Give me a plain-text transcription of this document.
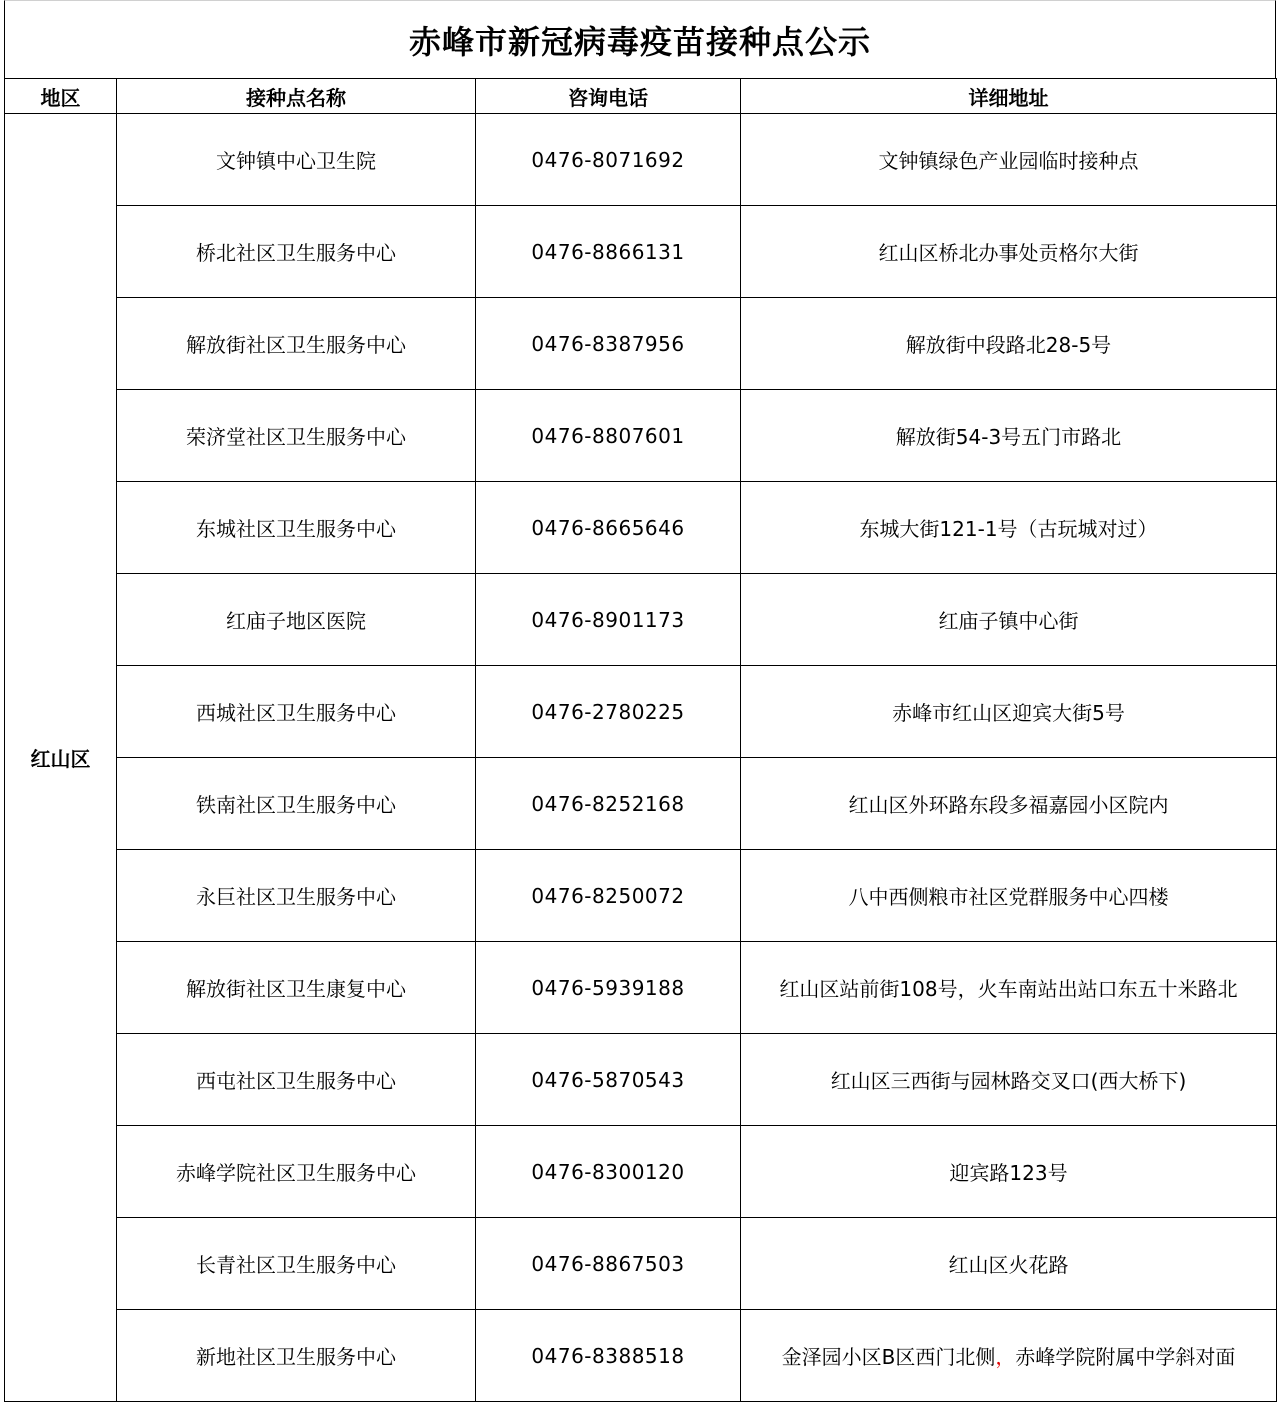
赤峰市新冠病毒疫苗接种点公示
地区	接种点名称	咨询电话	详细地址
红山区	文钟镇中心卫生院	0476-8071692	文钟镇绿色产业园临时接种点
	桥北社区卫生服务中心	0476-8866131	红山区桥北办事处贡格尔大街
	解放街社区卫生服务中心	0476-8387956	解放街中段路北28-5号
	荣济堂社区卫生服务中心	0476-8807601	解放街54-3号五门市路北
	东城社区卫生服务中心	0476-8665646	东城大街121-1号（古玩城对过）
	红庙子地区医院	0476-8901173	红庙子镇中心街
	西城社区卫生服务中心	0476-2780225	赤峰市红山区迎宾大街5号
	铁南社区卫生服务中心	0476-8252168	红山区外环路东段多福嘉园小区院内
	永巨社区卫生服务中心	0476-8250072	八中西侧粮市社区党群服务中心四楼
	解放街社区卫生康复中心	0476-5939188	红山区站前街108号，火车南站出站口东五十米路北
	西屯社区卫生服务中心	0476-5870543	红山区三西街与园林路交叉口(西大桥下)
	赤峰学院社区卫生服务中心	0476-8300120	迎宾路123号
	长青社区卫生服务中心	0476-8867503	红山区火花路
	新地社区卫生服务中心	0476-8388518	金泽园小区B区西门北侧，赤峰学院附属中学斜对面
